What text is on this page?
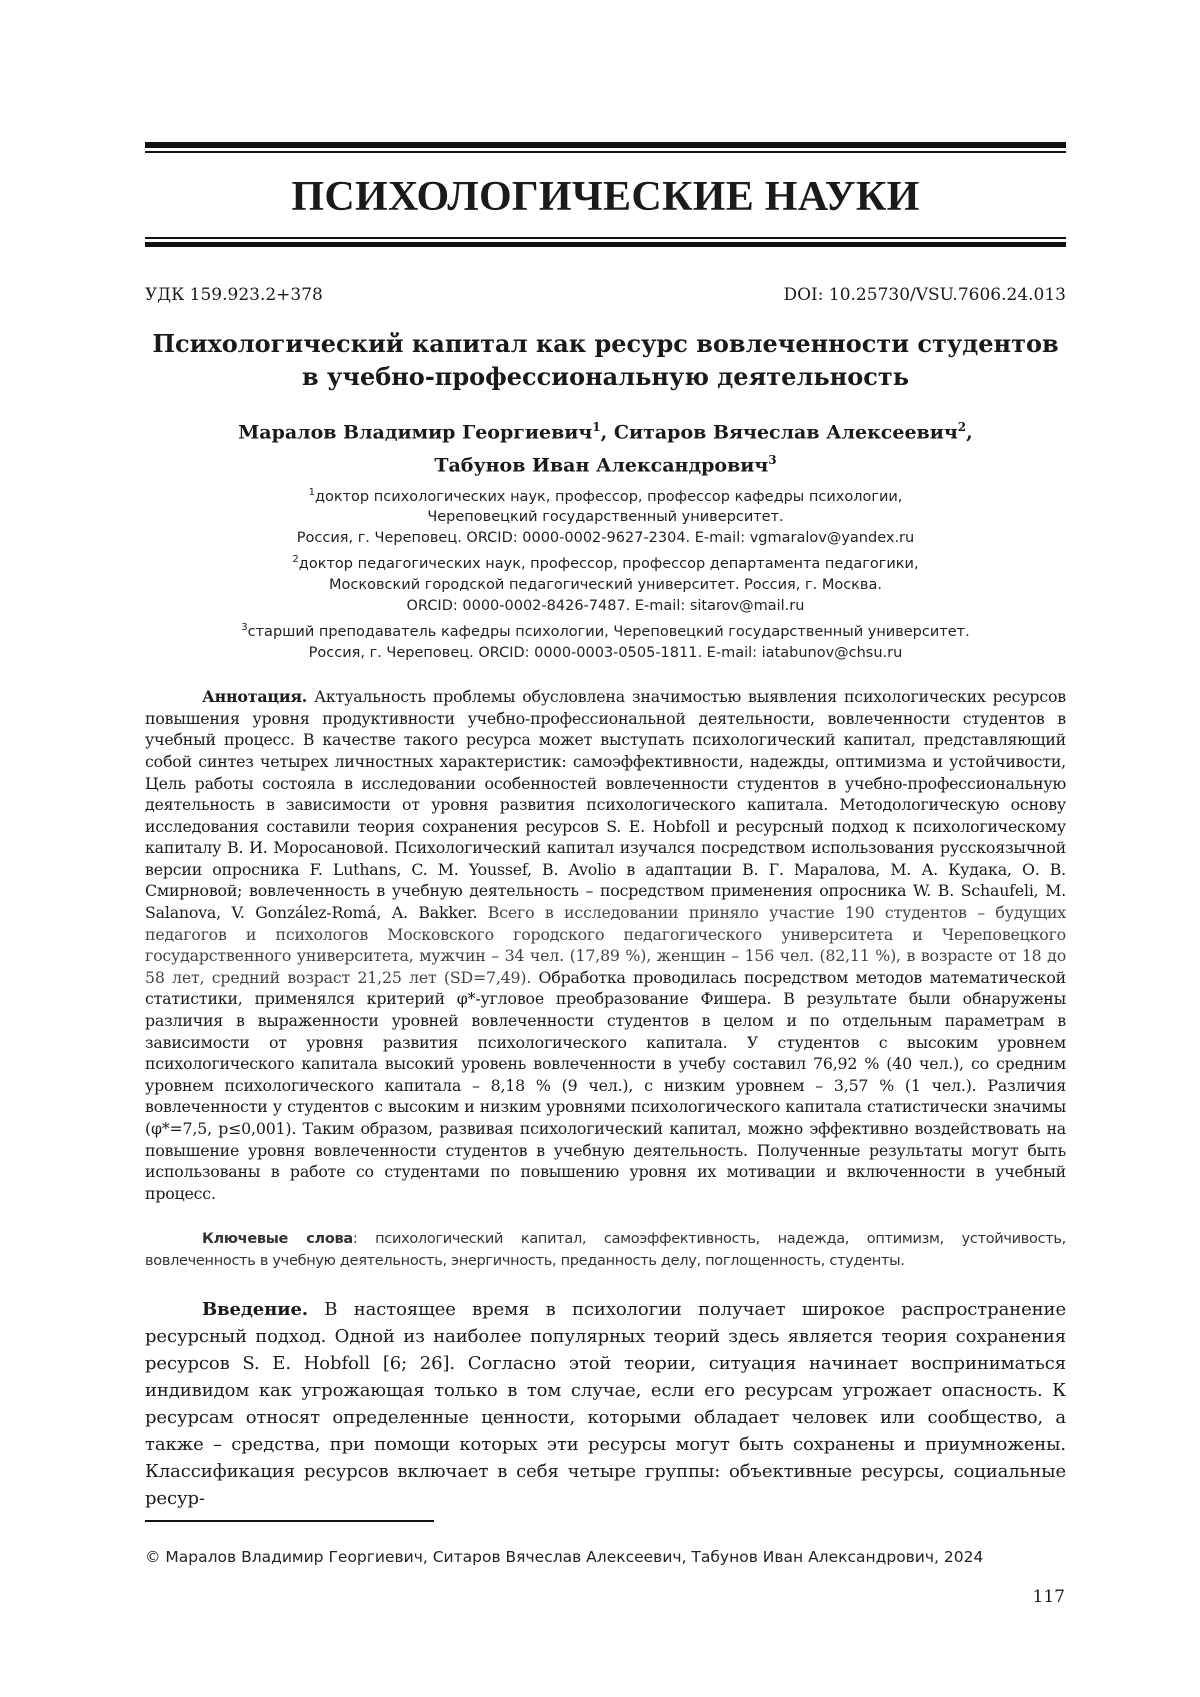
ПСИХОЛОГИЧЕСКИЕ НАУКИ
УДК 159.923.2+378	DOI: 10.25730/VSU.7606.24.013
Психологический капитал как ресурс вовлеченности студентов
в учебно-профессиональную деятельность
Маралов Владимир Георгиевич$^1$, Ситаров Вячеслав Алексеевич$^2$,
Табунов Иван Александрович$^3$
$^1$доктор психологических наук, профессор, профессор кафедры психологии,
Череповецкий государственный университет.
Россия, г. Череповец. ORCID: 0000-0002-9627-2304. E-mail: vgmaralov@yandex.ru
$^2$доктор педагогических наук, профессор, профессор департамента педагогики,
Московский городской педагогический университет. Россия, г. Москва.
ORCID: 0000-0002-8426-7487. E-mail: sitarov@mail.ru
$^3$старший преподаватель кафедры психологии, Череповецкий государственный университет.
Россия, г. Череповец. ORCID: 0000-0003-0505-1811. E-mail: iatabunov@chsu.ru
Аннотация. Актуальность проблемы обусловлена значимостью выявления психологических ресурсов повышения уровня продуктивности учебно-профессиональной деятельности, вовлеченности студентов в учебный процесс. В качестве такого ресурса может выступать психологический капитал, представляющий собой синтез четырех личностных характеристик: самоэффективности, надежды, оптимизма и устойчивости, Цель работы состояла в исследовании особенностей вовлеченности студентов в учебно-профессиональную деятельность в зависимости от уровня развития психологического капитала. Методологическую основу исследования составили теория сохранения ресурсов S. E. Hobfoll и ресурсный подход к психологическому капиталу В. И. Моросановой. Психологический капитал изучался посредством использования русскоязычной версии опросника F. Luthans, C. M. Youssef, B. Avolio в адаптации В. Г. Маралова, М. А. Кудака, О. В. Смирновой; вовлеченность в учебную деятельность – посредством применения опросника W. B. Schaufeli, M. Salanova, V. González-Romá, A. Bakker. Всего в исследовании приняло участие 190 студентов – будущих педагогов и психологов Московского городского педагогического университета и Череповецкого государственного университета, мужчин – 34 чел. (17,89 %), женщин – 156 чел. (82,11 %), в возрасте от 18 до 58 лет, средний возраст 21,25 лет (SD=7,49). Обработка проводилась посредством методов математической статистики, применялся критерий φ*-угловое преобразование Фишера. В результате были обнаружены различия в выраженности уровней вовлеченности студентов в целом и по отдельным параметрам в зависимости от уровня развития психологического капитала. У студентов с высоким уровнем психологического капитала высокий уровень вовлеченности в учебу составил 76,92 % (40 чел.), со средним уровнем психологического капитала – 8,18 % (9 чел.), с низким уровнем – 3,57 % (1 чел.). Различия вовлеченности у студентов с высоким и низким уровнями психологического капитала статистически значимы (φ*=7,5, p≤0,001). Таким образом, развивая психологический капитал, можно эффективно воздействовать на повышение уровня вовлеченности студентов в учебную деятельность. Полученные результаты могут быть использованы в работе со студентами по повышению уровня их мотивации и включенности в учебный процесс.
Ключевые слова: психологический капитал, самоэффективность, надежда, оптимизм, устойчивость, вовлеченность в учебную деятельность, энергичность, преданность делу, поглощенность, студенты.
Введение. В настоящее время в психологии получает широкое распространение ресурсный подход. Одной из наиболее популярных теорий здесь является теория сохранения ресурсов S. E. Hobfoll [6; 26]. Согласно этой теории, ситуация начинает восприниматься индивидом как угрожающая только в том случае, если его ресурсам угрожает опасность. К ресурсам относят определенные ценности, которыми обладает человек или сообщество, а также – средства, при помощи которых эти ресурсы могут быть сохранены и приумножены. Классификация ресурсов включает в себя четыре группы: объективные ресурсы, социальные ресур-
© Маралов Владимир Георгиевич, Ситаров Вячеслав Алексеевич, Табунов Иван Александрович, 2024
117
